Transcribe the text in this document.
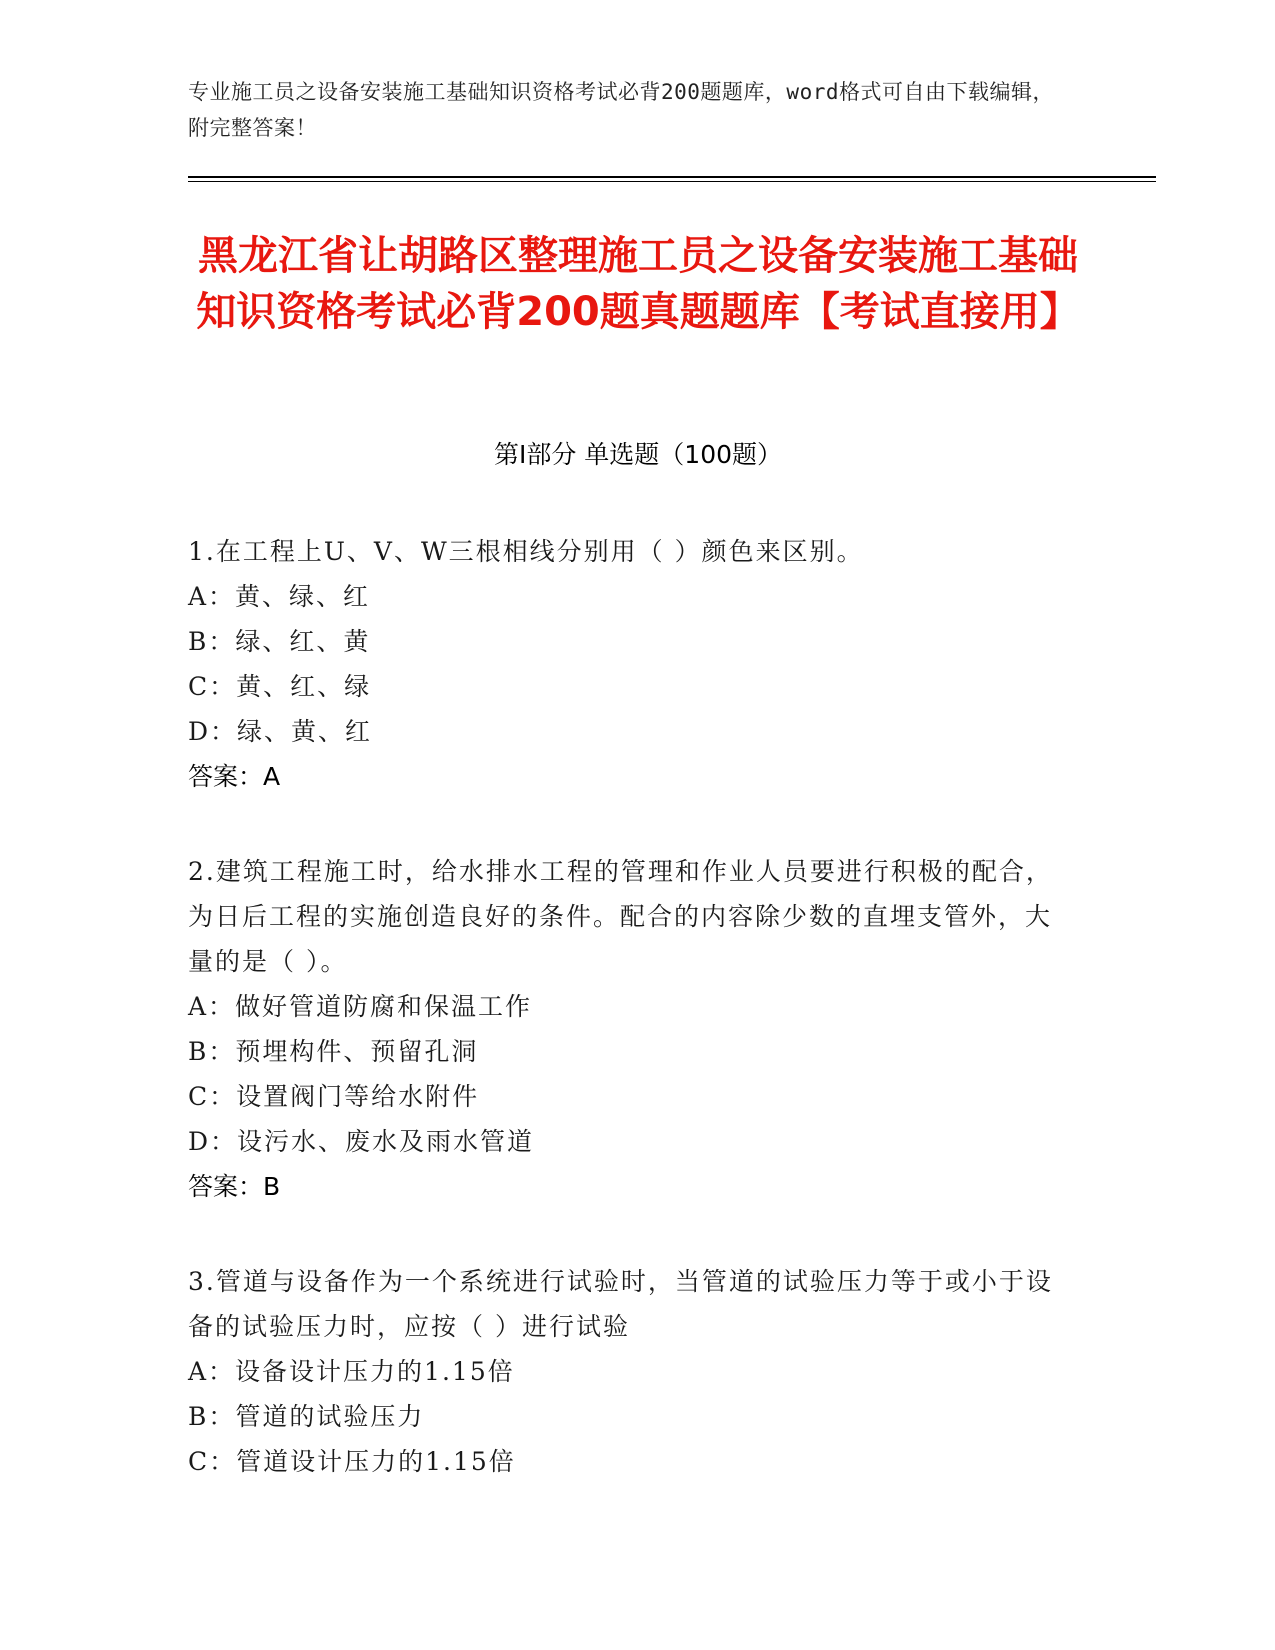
专业施工员之设备安装施工基础知识资格考试必背200题题库，word格式可自由下载编辑，附完整答案！
黑龙江省让胡路区整理施工员之设备安装施工基础知识资格考试必背200题真题题库【考试直接用】
第I部分 单选题（100题）
1.在工程上U、V、W三根相线分别用（ ）颜色来区别。
A：黄、绿、红
B：绿、红、黄
C：黄、红、绿
D：绿、黄、红
答案：A
2.建筑工程施工时，给水排水工程的管理和作业人员要进行积极的配合，为日后工程的实施创造良好的条件。配合的内容除少数的直埋支管外，大量的是（ ）。
A：做好管道防腐和保温工作
B：预埋构件、预留孔洞
C：设置阀门等给水附件
D：设污水、废水及雨水管道
答案：B
3.管道与设备作为一个系统进行试验时，当管道的试验压力等于或小于设备的试验压力时，应按（ ）进行试验
A：设备设计压力的1.15倍
B：管道的试验压力
C：管道设计压力的1.15倍
